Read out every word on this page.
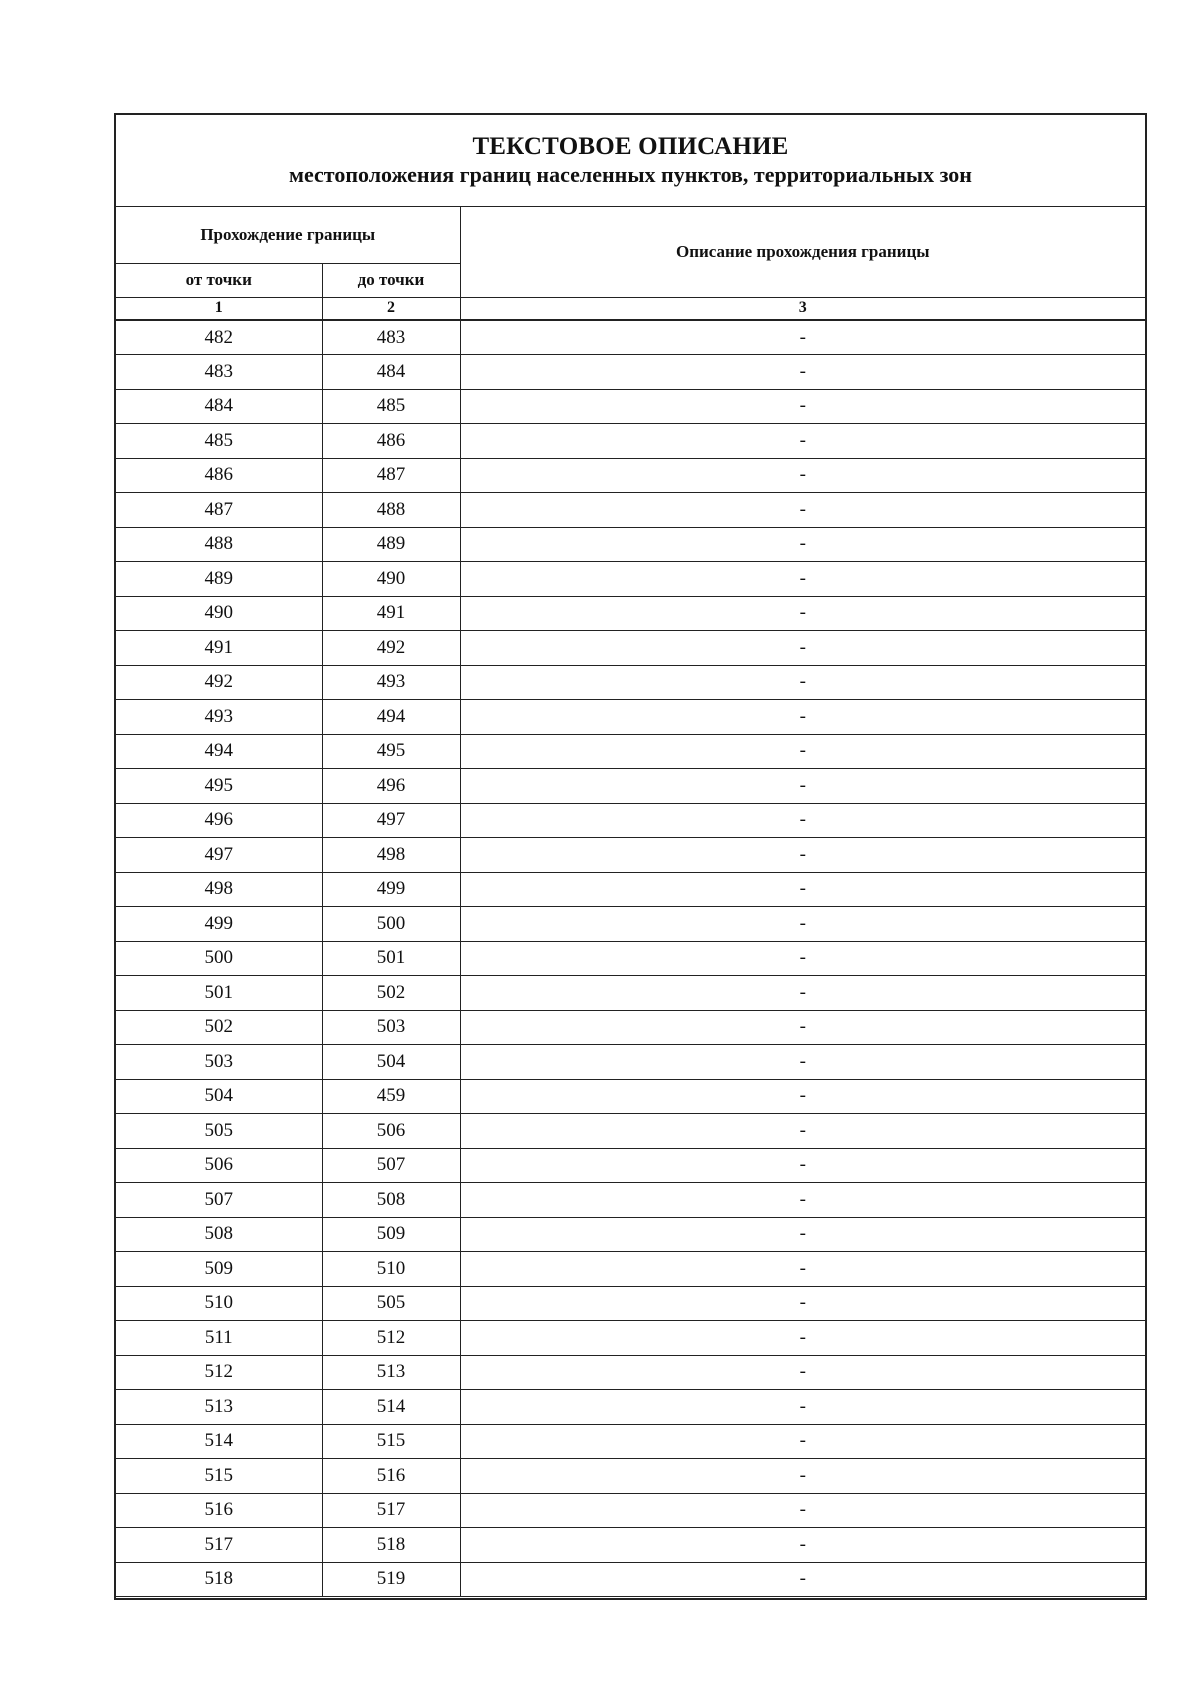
ТЕКСТОВОЕ ОПИСАНИЕ
местоположения границ населенных пунктов, территориальных зон
Прохождение границы		Описание прохождения границы
от точки	до точки	
1	2	3
482	483	-
483	484	-
484	485	-
485	486	-
486	487	-
487	488	-
488	489	-
489	490	-
490	491	-
491	492	-
492	493	-
493	494	-
494	495	-
495	496	-
496	497	-
497	498	-
498	499	-
499	500	-
500	501	-
501	502	-
502	503	-
503	504	-
504	459	-
505	506	-
506	507	-
507	508	-
508	509	-
509	510	-
510	505	-
511	512	-
512	513	-
513	514	-
514	515	-
515	516	-
516	517	-
517	518	-
518	519	-
